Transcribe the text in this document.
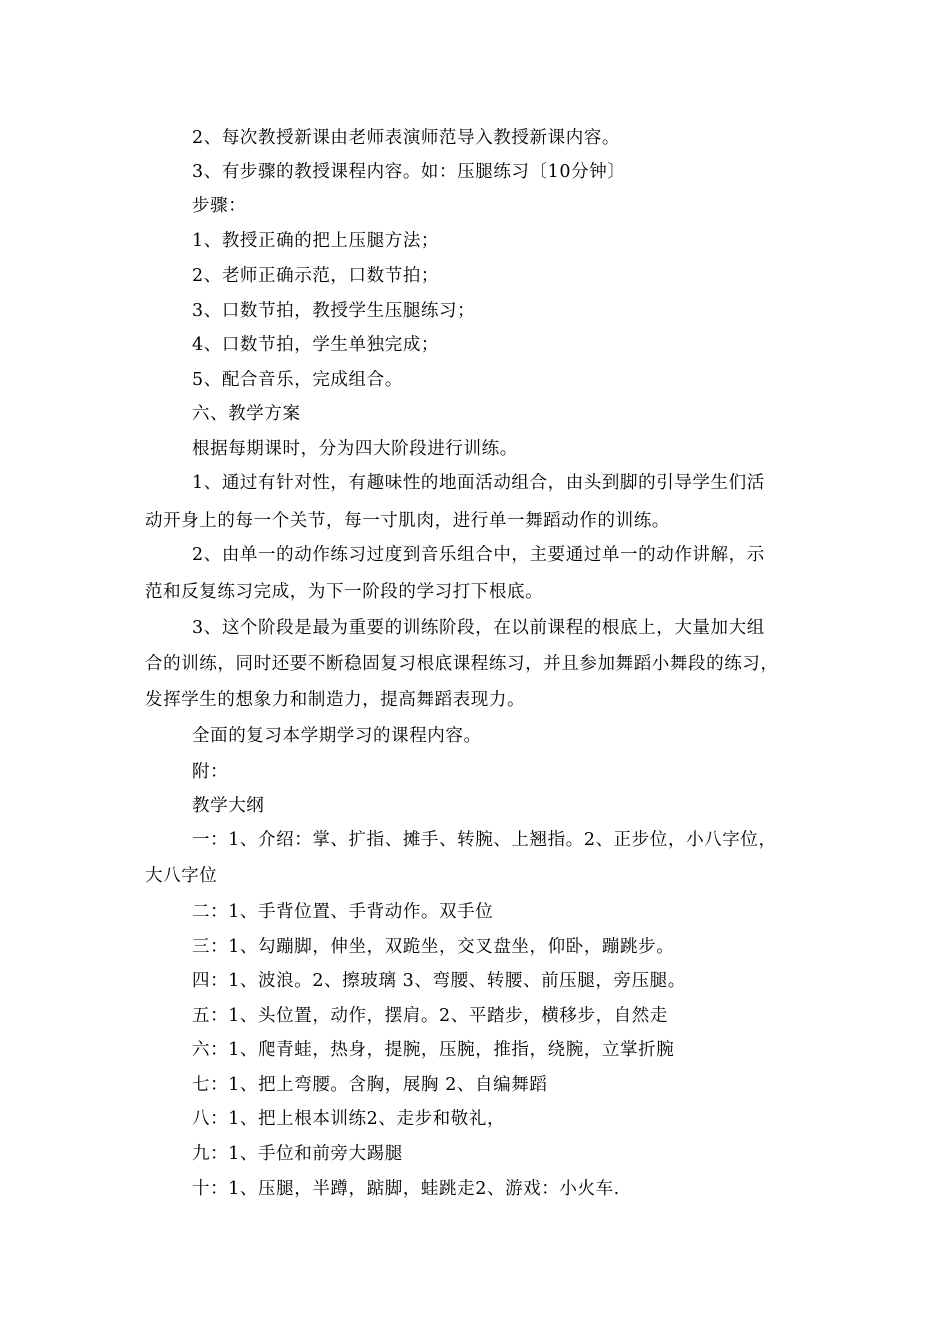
2、每次教授新课由老师表演师范导入教授新课内容。
3、有步骤的教授课程内容。如：压腿练习〔10分钟〕
步骤：
1、教授正确的把上压腿方法；
2、老师正确示范，口数节拍；
3、口数节拍，教授学生压腿练习；
4、口数节拍，学生单独完成；
5、配合音乐，完成组合。
六、教学方案
根据每期课时，分为四大阶段进行训练。
1、通过有针对性，有趣味性的地面活动组合，由头到脚的引导学生们活
动开身上的每一个关节，每一寸肌肉，进行单一舞蹈动作的训练。
2、由单一的动作练习过度到音乐组合中，主要通过单一的动作讲解，示
范和反复练习完成，为下一阶段的学习打下根底。
3、这个阶段是最为重要的训练阶段，在以前课程的根底上，大量加大组
合的训练，同时还要不断稳固复习根底课程练习，并且参加舞蹈小舞段的练习，
发挥学生的想象力和制造力，提高舞蹈表现力。
全面的复习本学期学习的课程内容。
附：
教学大纲
一：1、介绍：掌、扩指、摊手、转腕、上翘指。2、正步位，小八字位，
大八字位
二：1、手背位置、手背动作。双手位
三：1、勾蹦脚，伸坐，双跪坐，交叉盘坐，仰卧，蹦跳步。
四：1、波浪。2、擦玻璃 3、弯腰、转腰、前压腿，旁压腿。
五：1、头位置，动作，摆肩。2、平踏步，横移步，自然走
六：1、爬青蛙，热身，提腕，压腕，推指，绕腕，立掌折腕
七：1、把上弯腰。含胸，展胸 2、自编舞蹈
八：1、把上根本训练2、走步和敬礼，
九：1、手位和前旁大踢腿
十：1、压腿，半蹲，踮脚，蛙跳走2、游戏：小火车.
